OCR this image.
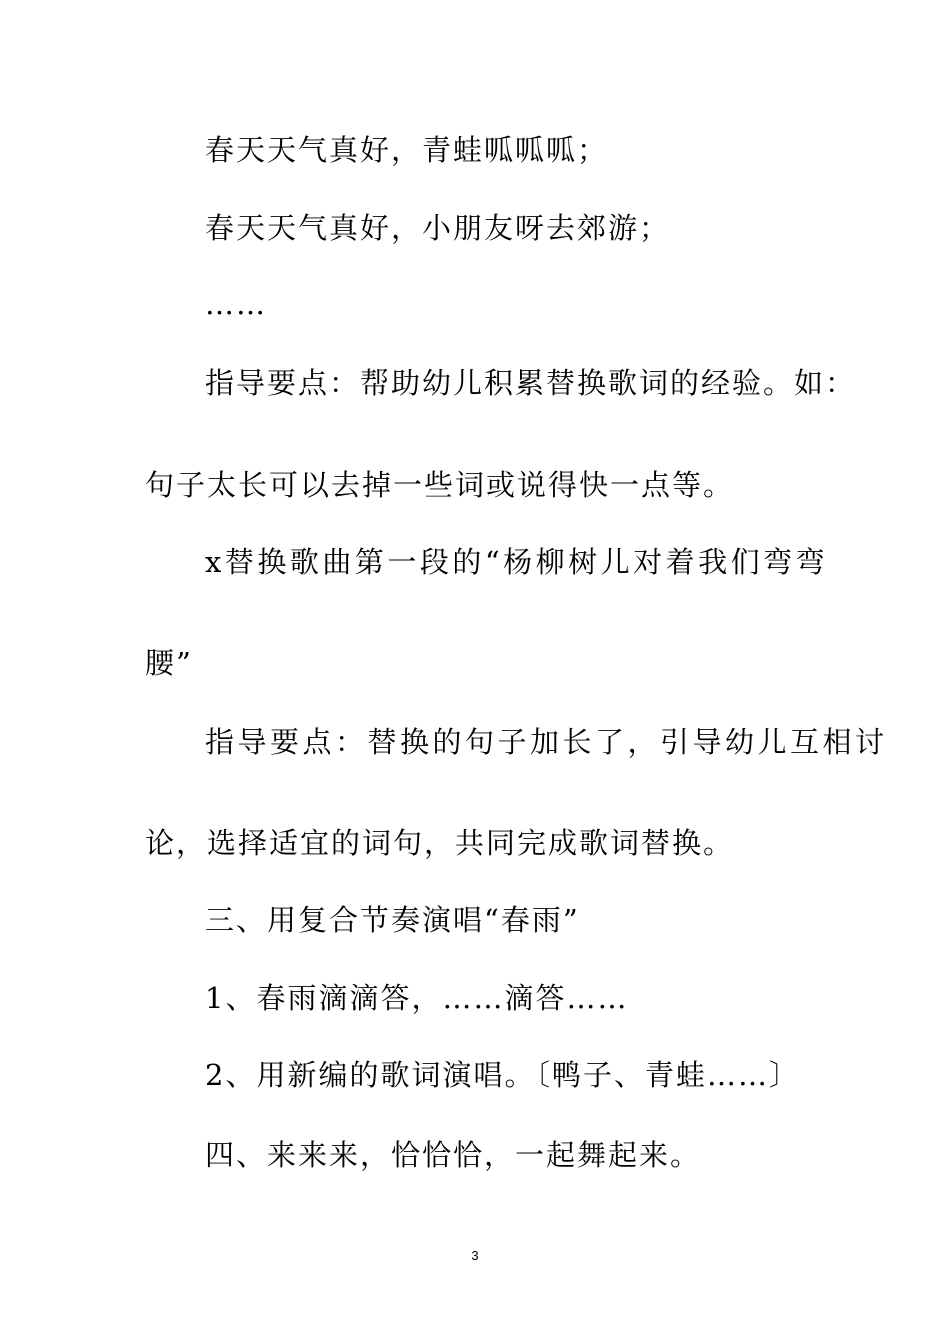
春天天气真好，青蛙呱呱呱；
春天天气真好，小朋友呀去郊游；
……
指导要点：帮助幼儿积累替换歌词的经验。如：
句子太长可以去掉一些词或说得快一点等。
x替换歌曲第一段的“杨柳树儿对着我们弯弯
腰”
指导要点：替换的句子加长了，引导幼儿互相讨
论，选择适宜的词句，共同完成歌词替换。
三、用复合节奏演唱“春雨”
1、春雨滴滴答，……滴答……
2、用新编的歌词演唱。〔鸭子、青蛙……〕
四、来来来，恰恰恰，一起舞起来。
3
